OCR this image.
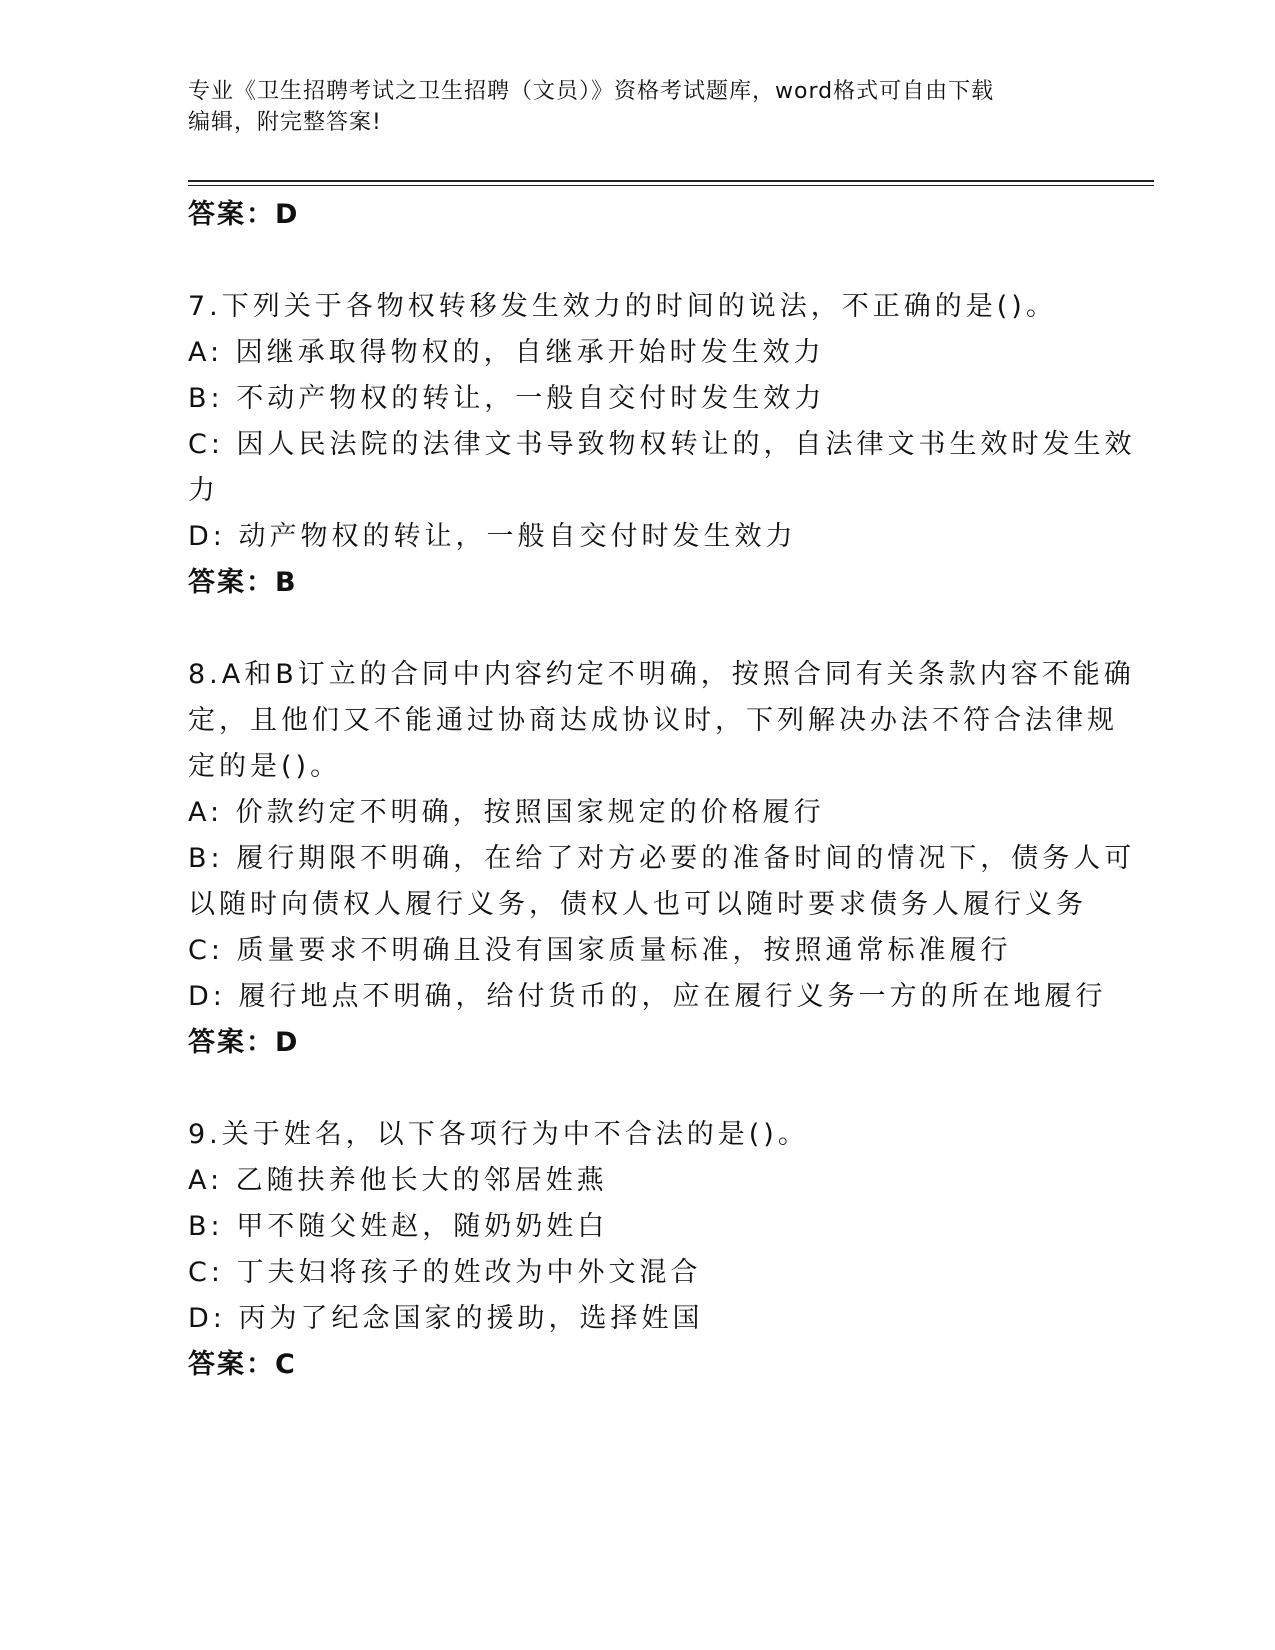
专业《卫生招聘考试之卫生招聘（文员）》资格考试题库，word格式可自由下载
编辑，附完整答案!
答案：D
7.下列关于各物权转移发生效力的时间的说法，不正确的是()。
A: 因继承取得物权的，自继承开始时发生效力
B: 不动产物权的转让，一般自交付时发生效力
C: 因人民法院的法律文书导致物权转让的，自法律文书生效时发生效
力
D: 动产物权的转让，一般自交付时发生效力
答案：B
8.A和B订立的合同中内容约定不明确，按照合同有关条款内容不能确
定，且他们又不能通过协商达成协议时，下列解决办法不符合法律规
定的是()。
A: 价款约定不明确，按照国家规定的价格履行
B: 履行期限不明确，在给了对方必要的准备时间的情况下，债务人可
以随时向债权人履行义务，债权人也可以随时要求债务人履行义务
C: 质量要求不明确且没有国家质量标准，按照通常标准履行
D: 履行地点不明确，给付货币的，应在履行义务一方的所在地履行
答案：D
9.关于姓名，以下各项行为中不合法的是()。
A: 乙随扶养他长大的邻居姓燕
B: 甲不随父姓赵，随奶奶姓白
C: 丁夫妇将孩子的姓改为中外文混合
D: 丙为了纪念国家的援助，选择姓国
答案：C
